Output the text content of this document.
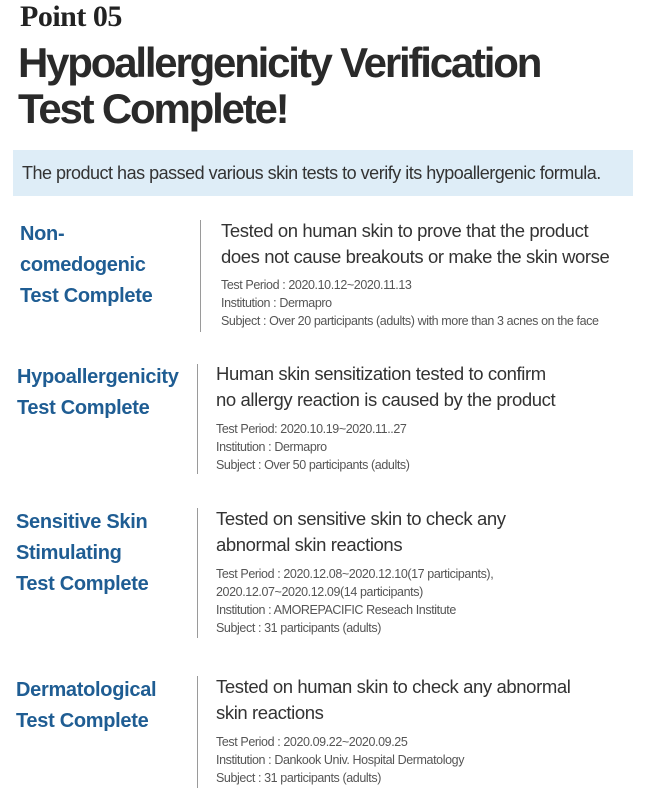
Point 05
Hypoallergenicity Verification
Test Complete!
The product has passed various skin tests to verify its hypoallergenic formula.
Non-
comedogenic
Test Complete
Tested on human skin to prove that the product
does not cause breakouts or make the skin worse
Test Period : 2020.10.12~2020.11.13
Institution : Dermapro
Subject : Over 20 participants (adults) with more than 3 acnes on the face
Hypoallergenicity
Test Complete
Human skin sensitization tested to confirm
no allergy reaction is caused by the product
Test Period: 2020.10.19~2020.11..27
Institution : Dermapro
Subject : Over 50 participants (adults)
Sensitive Skin
Stimulating
Test Complete
Tested on sensitive skin to check any
abnormal skin reactions
Test Period : 2020.12.08~2020.12.10(17 participants),
2020.12.07~2020.12.09(14 participants)
Institution : AMOREPACIFIC Reseach Institute
Subject : 31 participants (adults)
Dermatological
Test Complete
Tested on human skin to check any abnormal
skin reactions
Test Period : 2020.09.22~2020.09.25
Institution : Dankook Univ. Hospital Dermatology
Subject : 31 participants (adults)
